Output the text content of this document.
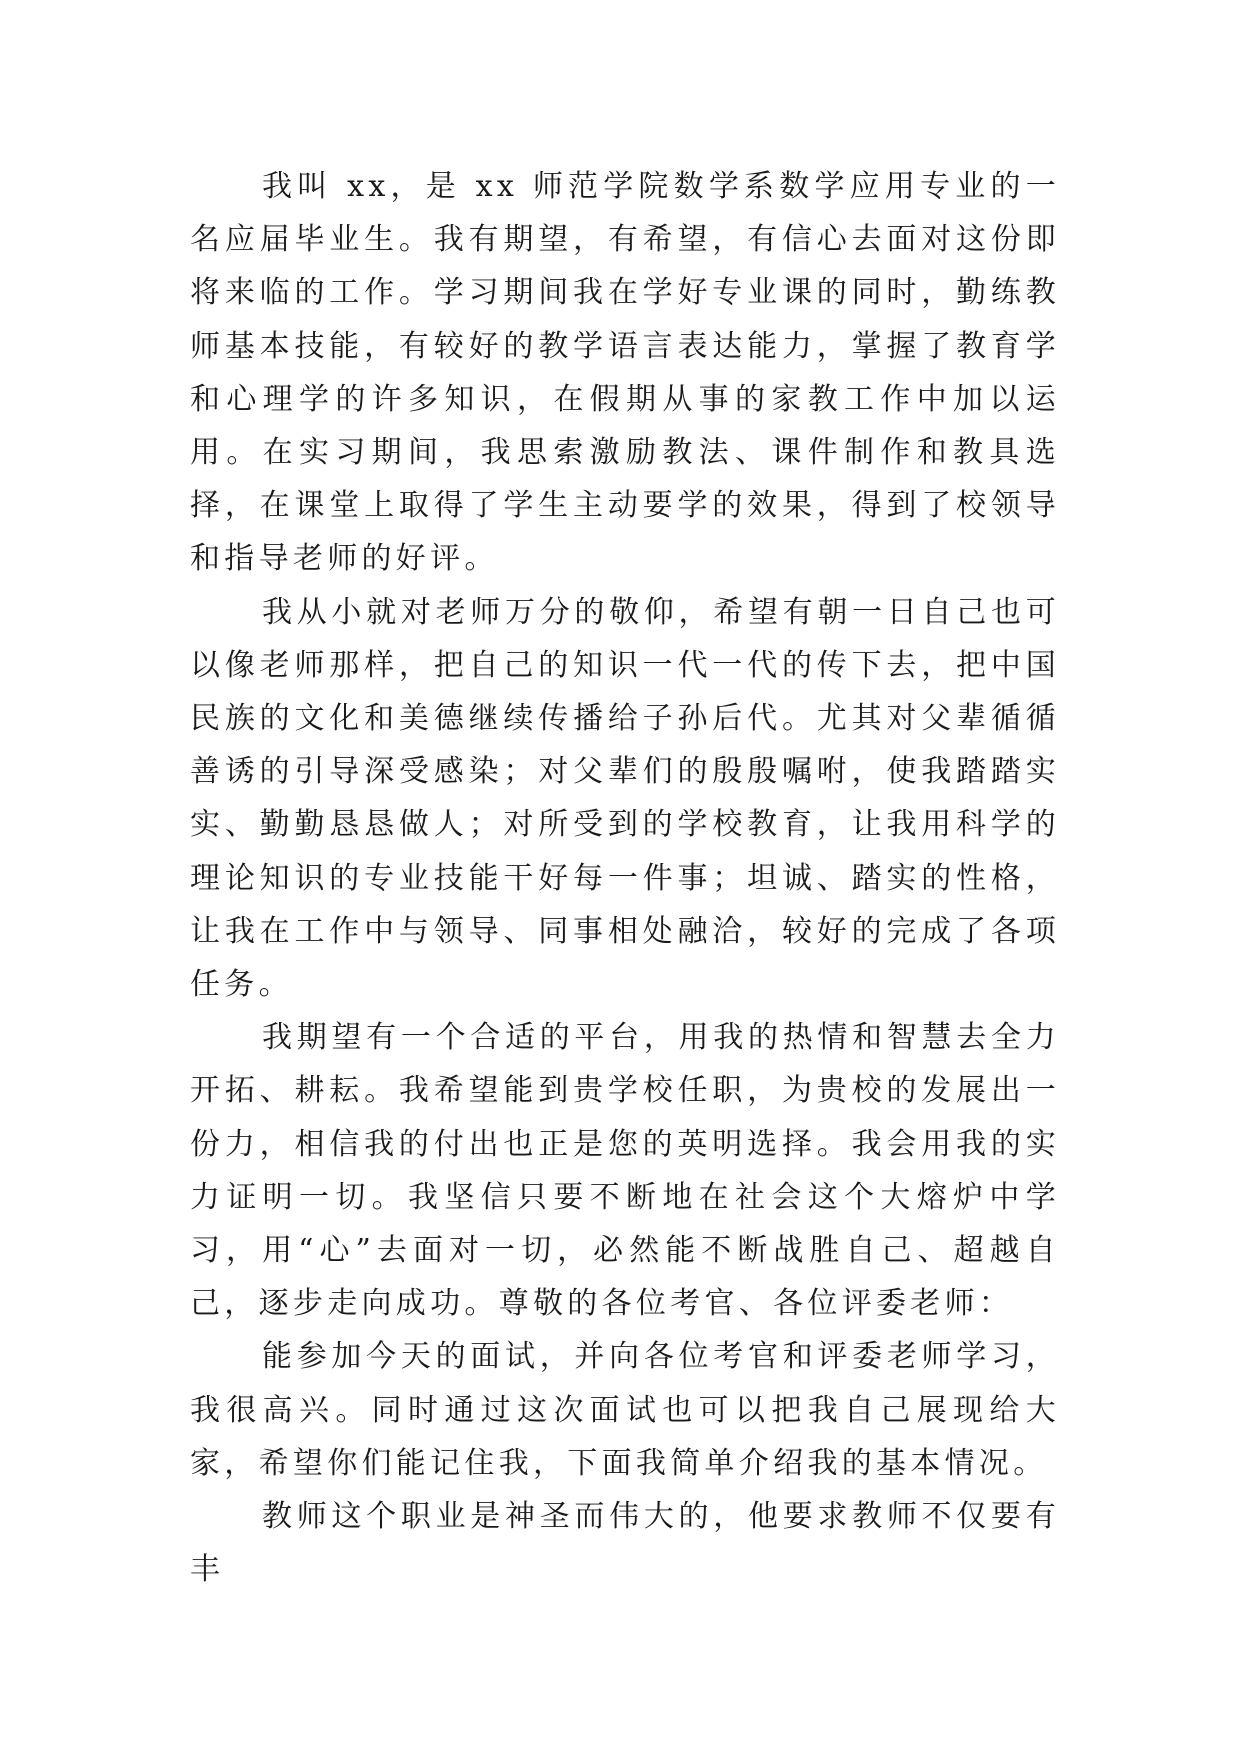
我叫 xx，是 xx 师范学院数学系数学应用专业的一名应届毕业生。我有期望，有希望，有信心去面对这份即将来临的工作。学习期间我在学好专业课的同时，勤练教师基本技能，有较好的教学语言表达能力，掌握了教育学和心理学的许多知识，在假期从事的家教工作中加以运用。在实习期间，我思索激励教法、课件制作和教具选择，在课堂上取得了学生主动要学的效果，得到了校领导和指导老师的好评。

我从小就对老师万分的敬仰，希望有朝一日自己也可以像老师那样，把自己的知识一代一代的传下去，把中国民族的文化和美德继续传播给子孙后代。尤其对父辈循循善诱的引导深受感染；对父辈们的殷殷嘱咐，使我踏踏实实、勤勤恳恳做人；对所受到的学校教育，让我用科学的理论知识的专业技能干好每一件事；坦诚、踏实的性格，让我在工作中与领导、同事相处融洽，较好的完成了各项任务。

我期望有一个合适的平台，用我的热情和智慧去全力开拓、耕耘。我希望能到贵学校任职，为贵校的发展出一份力，相信我的付出也正是您的英明选择。我会用我的实力证明一切。我坚信只要不断地在社会这个大熔炉中学习，用“心”去面对一切，必然能不断战胜自己、超越自己，逐步走向成功。尊敬的各位考官、各位评委老师：

能参加今天的面试，并向各位考官和评委老师学习，我很高兴。同时通过这次面试也可以把我自己展现给大家，希望你们能记住我，下面我简单介绍我的基本情况。

教师这个职业是神圣而伟大的，他要求教师不仅要有丰
